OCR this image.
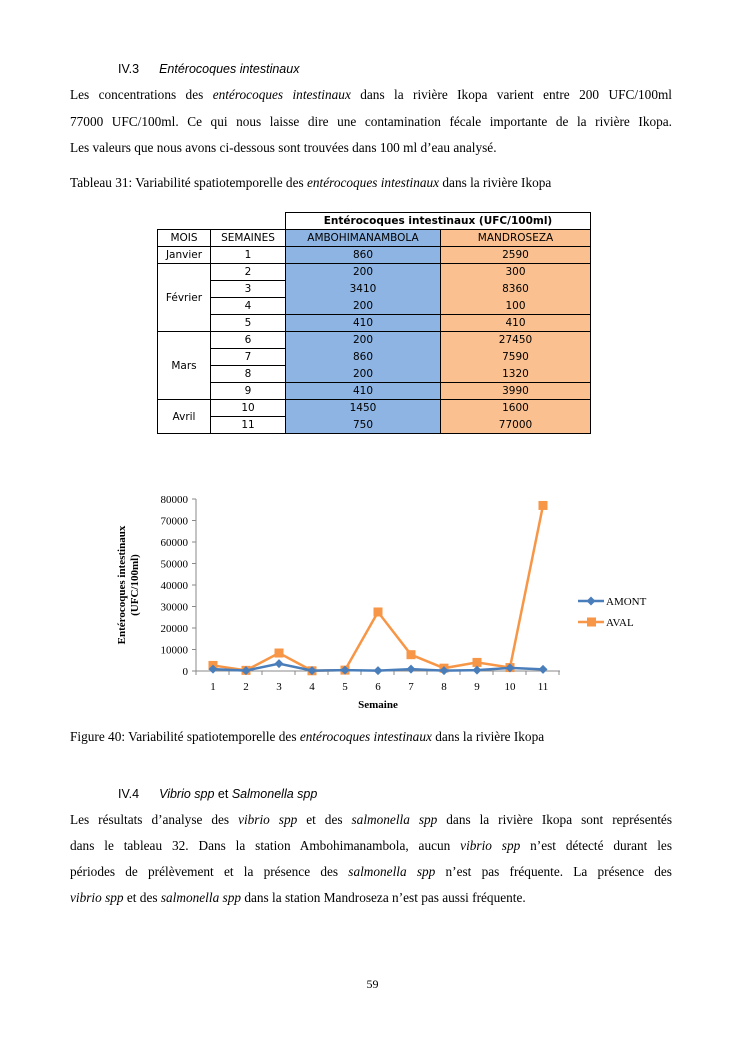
IV.3 Entérocoques intestinaux
Les concentrations des entérocoques intestinaux dans la rivière Ikopa varient entre 200 UFC/100ml
77000 UFC/100ml. Ce qui nous laisse dire une contamination fécale importante de la rivière Ikopa.
Les valeurs que nous avons ci-dessous sont trouvées dans 100 ml d’eau analysé.
Tableau 31: Variabilité spatiotemporelle des entérocoques intestinaux dans la rivière Ikopa
		Entérocoques intestinaux (UFC/100ml)	
MOIS	SEMAINES	AMBOHIMANAMBOLA	MANDROSEZA
Janvier	1	860	2590
Février	2	200	300
	3	3410	8360
	4	200	100
	5	410	410
Mars	6	200	27450
	7	860	7590
	8	200	1320
	9	410	3990
Avril	10	1450	1600
	11	750	77000
0
10000
20000
30000
40000
50000
60000
70000
80000
1	2	3	4	5	6	7	8	9 10 11
Semaine
Entérocoques intestinaux (UFC/100ml)	AMONT
AVAL
Figure 40: Variabilité spatiotemporelle des entérocoques intestinaux dans la rivière Ikopa
IV.4 Vibrio spp et Salmonella spp
Les résultats d’analyse des vibrio spp et des salmonella spp dans la rivière Ikopa sont représentés
dans le tableau 32. Dans la station Ambohimanambola, aucun vibrio spp n’est détecté durant les
périodes de prélèvement et la présence des salmonella spp n’est pas fréquente. La présence des
vibrio spp et des salmonella spp dans la station Mandroseza n’est pas aussi fréquente.
59
